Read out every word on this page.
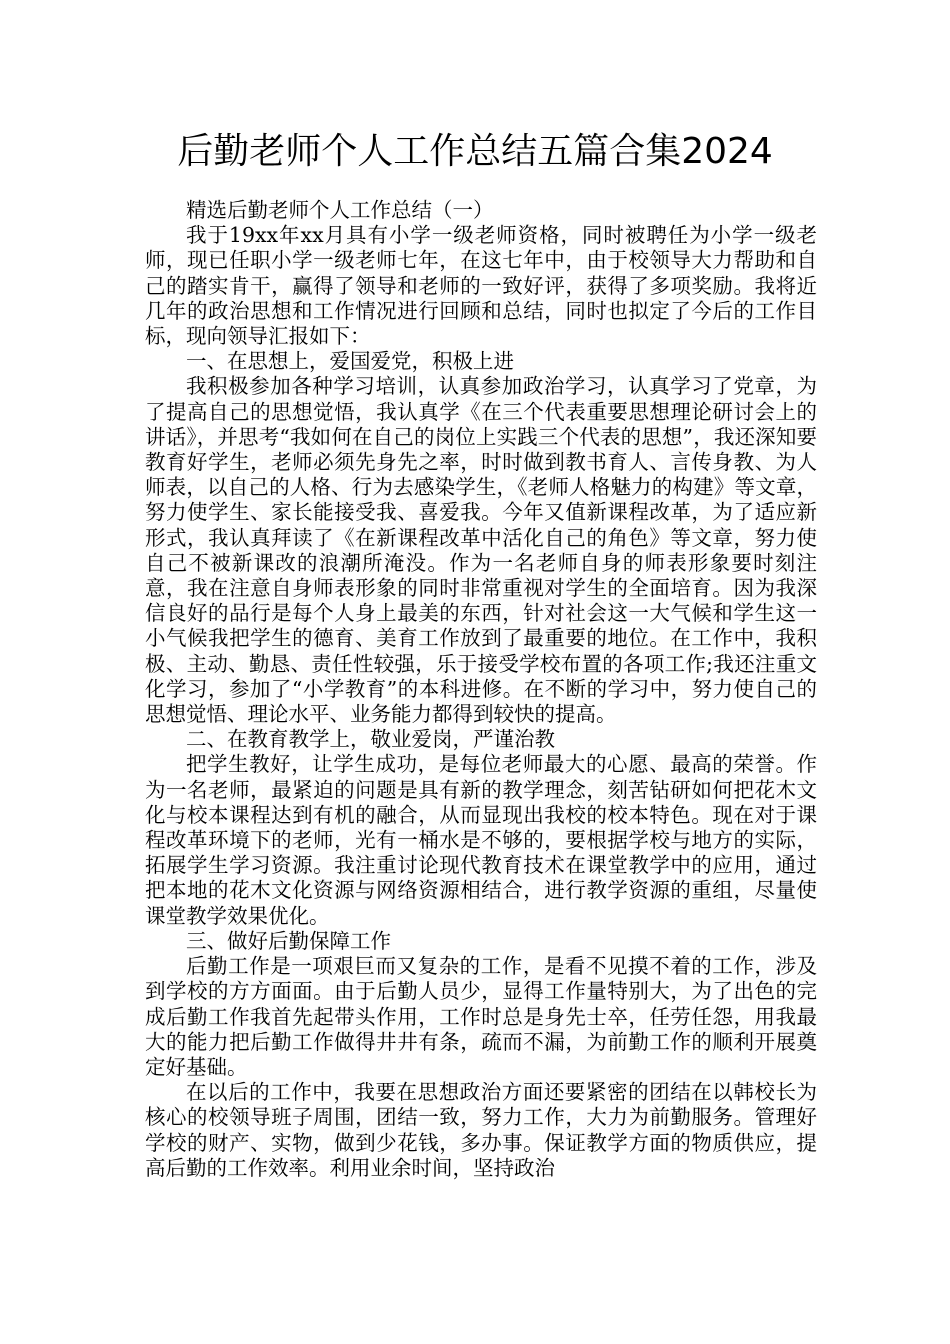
后勤老师个人工作总结五篇合集2024

精选后勤老师个人工作总结（一）

我于19xx年xx月具有小学一级老师资格，同时被聘任为小学一级老师，现已任职小学一级老师七年，在这七年中，由于校领导大力帮助和自己的踏实肯干，赢得了领导和老师的一致好评，获得了多项奖励。我将近几年的政治思想和工作情况进行回顾和总结，同时也拟定了今后的工作目标，现向领导汇报如下：

一、在思想上，爱国爱党，积极上进

我积极参加各种学习培训，认真参加政治学习，认真学习了党章，为了提高自己的思想觉悟，我认真学《在三个代表重要思想理论研讨会上的讲话》，并思考“我如何在自己的岗位上实践三个代表的思想”，我还深知要教育好学生，老师必须先身先之率，时时做到教书育人、言传身教、为人师表，以自己的人格、行为去感染学生，《老师人格魅力的构建》等文章，努力使学生、家长能接受我、喜爱我。今年又值新课程改革，为了适应新形式，我认真拜读了《在新课程改革中活化自己的角色》等文章，努力使自己不被新课改的浪潮所淹没。作为一名老师自身的师表形象要时刻注意，我在注意自身师表形象的同时非常重视对学生的全面培育。因为我深信良好的品行是每个人身上最美的东西，针对社会这一大气候和学生这一小气候我把学生的德育、美育工作放到了最重要的地位。在工作中，我积极、主动、勤恳、责任性较强，乐于接受学校布置的各项工作;我还注重文化学习，参加了“小学教育”的本科进修。在不断的学习中，努力使自己的思想觉悟、理论水平、业务能力都得到较快的提高。

二、在教育教学上，敬业爱岗，严谨治教

把学生教好，让学生成功，是每位老师最大的心愿、最高的荣誉。作为一名老师，最紧迫的问题是具有新的教学理念，刻苦钻研如何把花木文化与校本课程达到有机的融合，从而显现出我校的校本特色。现在对于课程改革环境下的老师，光有一桶水是不够的，要根据学校与地方的实际，拓展学生学习资源。我注重讨论现代教育技术在课堂教学中的应用，通过把本地的花木文化资源与网络资源相结合，进行教学资源的重组，尽量使课堂教学效果优化。

三、做好后勤保障工作

后勤工作是一项艰巨而又复杂的工作，是看不见摸不着的工作，涉及到学校的方方面面。由于后勤人员少，显得工作量特别大，为了出色的完成后勤工作我首先起带头作用，工作时总是身先士卒，任劳任怨，用我最大的能力把后勤工作做得井井有条，疏而不漏，为前勤工作的顺利开展奠定好基础。

在以后的工作中，我要在思想政治方面还要紧密的团结在以韩校长为核心的校领导班子周围，团结一致，努力工作，大力为前勤服务。管理好学校的财产、实物，做到少花钱，多办事。保证教学方面的物质供应，提高后勤的工作效率。利用业余时间，坚持政治
